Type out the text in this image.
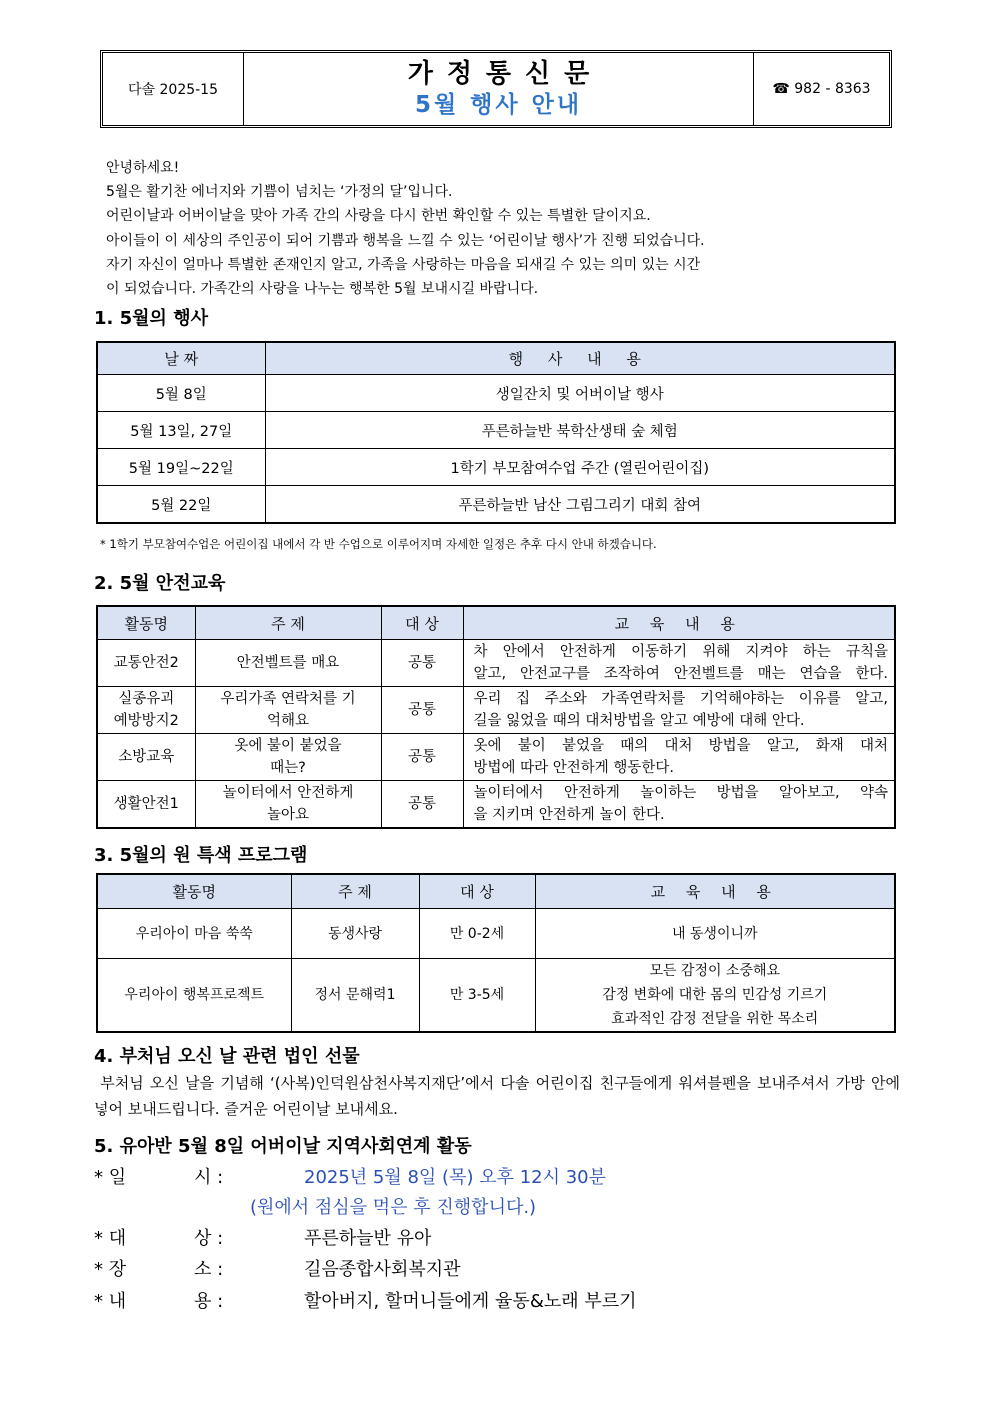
다솔 2025-15
가정통신문
5월 행사 안내
☎ 982 - 8363
안녕하세요!
5월은 활기찬 에너지와 기쁨이 넘치는 ‘가정의 달’입니다.
어린이날과 어버이날을 맞아 가족 간의 사랑을 다시 한번 확인할 수 있는 특별한 달이지요.
아이들이 이 세상의 주인공이 되어 기쁨과 행복을 느낄 수 있는 ‘어린이날 행사’가 진행 되었습니다.
자기 자신이 얼마나 특별한 존재인지 알고, 가족을 사랑하는 마음을 되새길 수 있는 의미 있는 시간
이 되었습니다. 가족간의 사랑을 나누는 행복한 5월 보내시길 바랍니다.
1. 5월의 행사
날 짜	행 사 내 용
5월 8일	생일잔치 및 어버이날 행사
5월 13일, 27일	푸른하늘반 북학산생태 숲 체험
5월 19일~22일	1학기 부모참여수업 주간 (열린어린이집)
5월 22일	푸른하늘반 남산 그림그리기 대회 참여
* 1학기 부모참여수업은 어린이집 내에서 각 반 수업으로 이루어지며 자세한 일정은 추후 다시 안내 하겠습니다.
2. 5월 안전교육
활동명	주 제	대 상	교 육 내 용
교통안전2	안전벨트를 매요	공통	차 안에서 안전하게 이동하기 위해 지켜야 하는 규칙을
알고, 안전교구를 조작하여 안전벨트를 매는 연습을 한다.

실종유괴 예방방지2	우리가족 연락처를 기억해요	공통	우리 집 주소와 가족연락처를 기억해야하는 이유를 알고,
길을 잃었을 때의 대처방법을 알고 예방에 대해 안다.

소방교육	옷에 불이 붙었을 때는?	공통	옷에 불이 붙었을 때의 대처 방법을 알고, 화재 대처
방법에 따라 안전하게 행동한다.

생활안전1	놀이터에서 안전하게 놀아요	공통	놀이터에서 안전하게 놀이하는 방법을 알아보고, 약속
을 지키며 안전하게 놀이 한다.
3. 5월의 원 특색 프로그램
활동명	주 제	대 상	교 육 내 용
우리아이 마음 쑥쑥	동생사랑	만 0-2세	내 동생이니까
우리아이 행복프로젝트	정서 문해력1	만 3-5세	모든 감정이 소중해요
감정 변화에 대한 몸의 민감성 기르기
효과적인 감정 전달을 위한 목소리
4. 부처님 오신 날 관련 법인 선물
부처님 오신 날을 기념해 ‘(사복)인덕원삼천사복지재단’에서 다솔 어린이집 친구들에게 워셔블펜을 보내주셔서 가방 안에 넣어 보내드립니다. 즐거운 어린이날 보내세요.
5. 유아반 5월 8일 어버이날 지역사회연계 활동
* 일	시 :	2025년 5월 8일 (목) 오후 12시 30분
(원에서 점심을 먹은 후 진행합니다.)
* 대	상 :	푸른하늘반 유아
* 장	소 :	길음종합사회복지관
* 내	용 :	할아버지, 할머니들에게 율동&노래 부르기
